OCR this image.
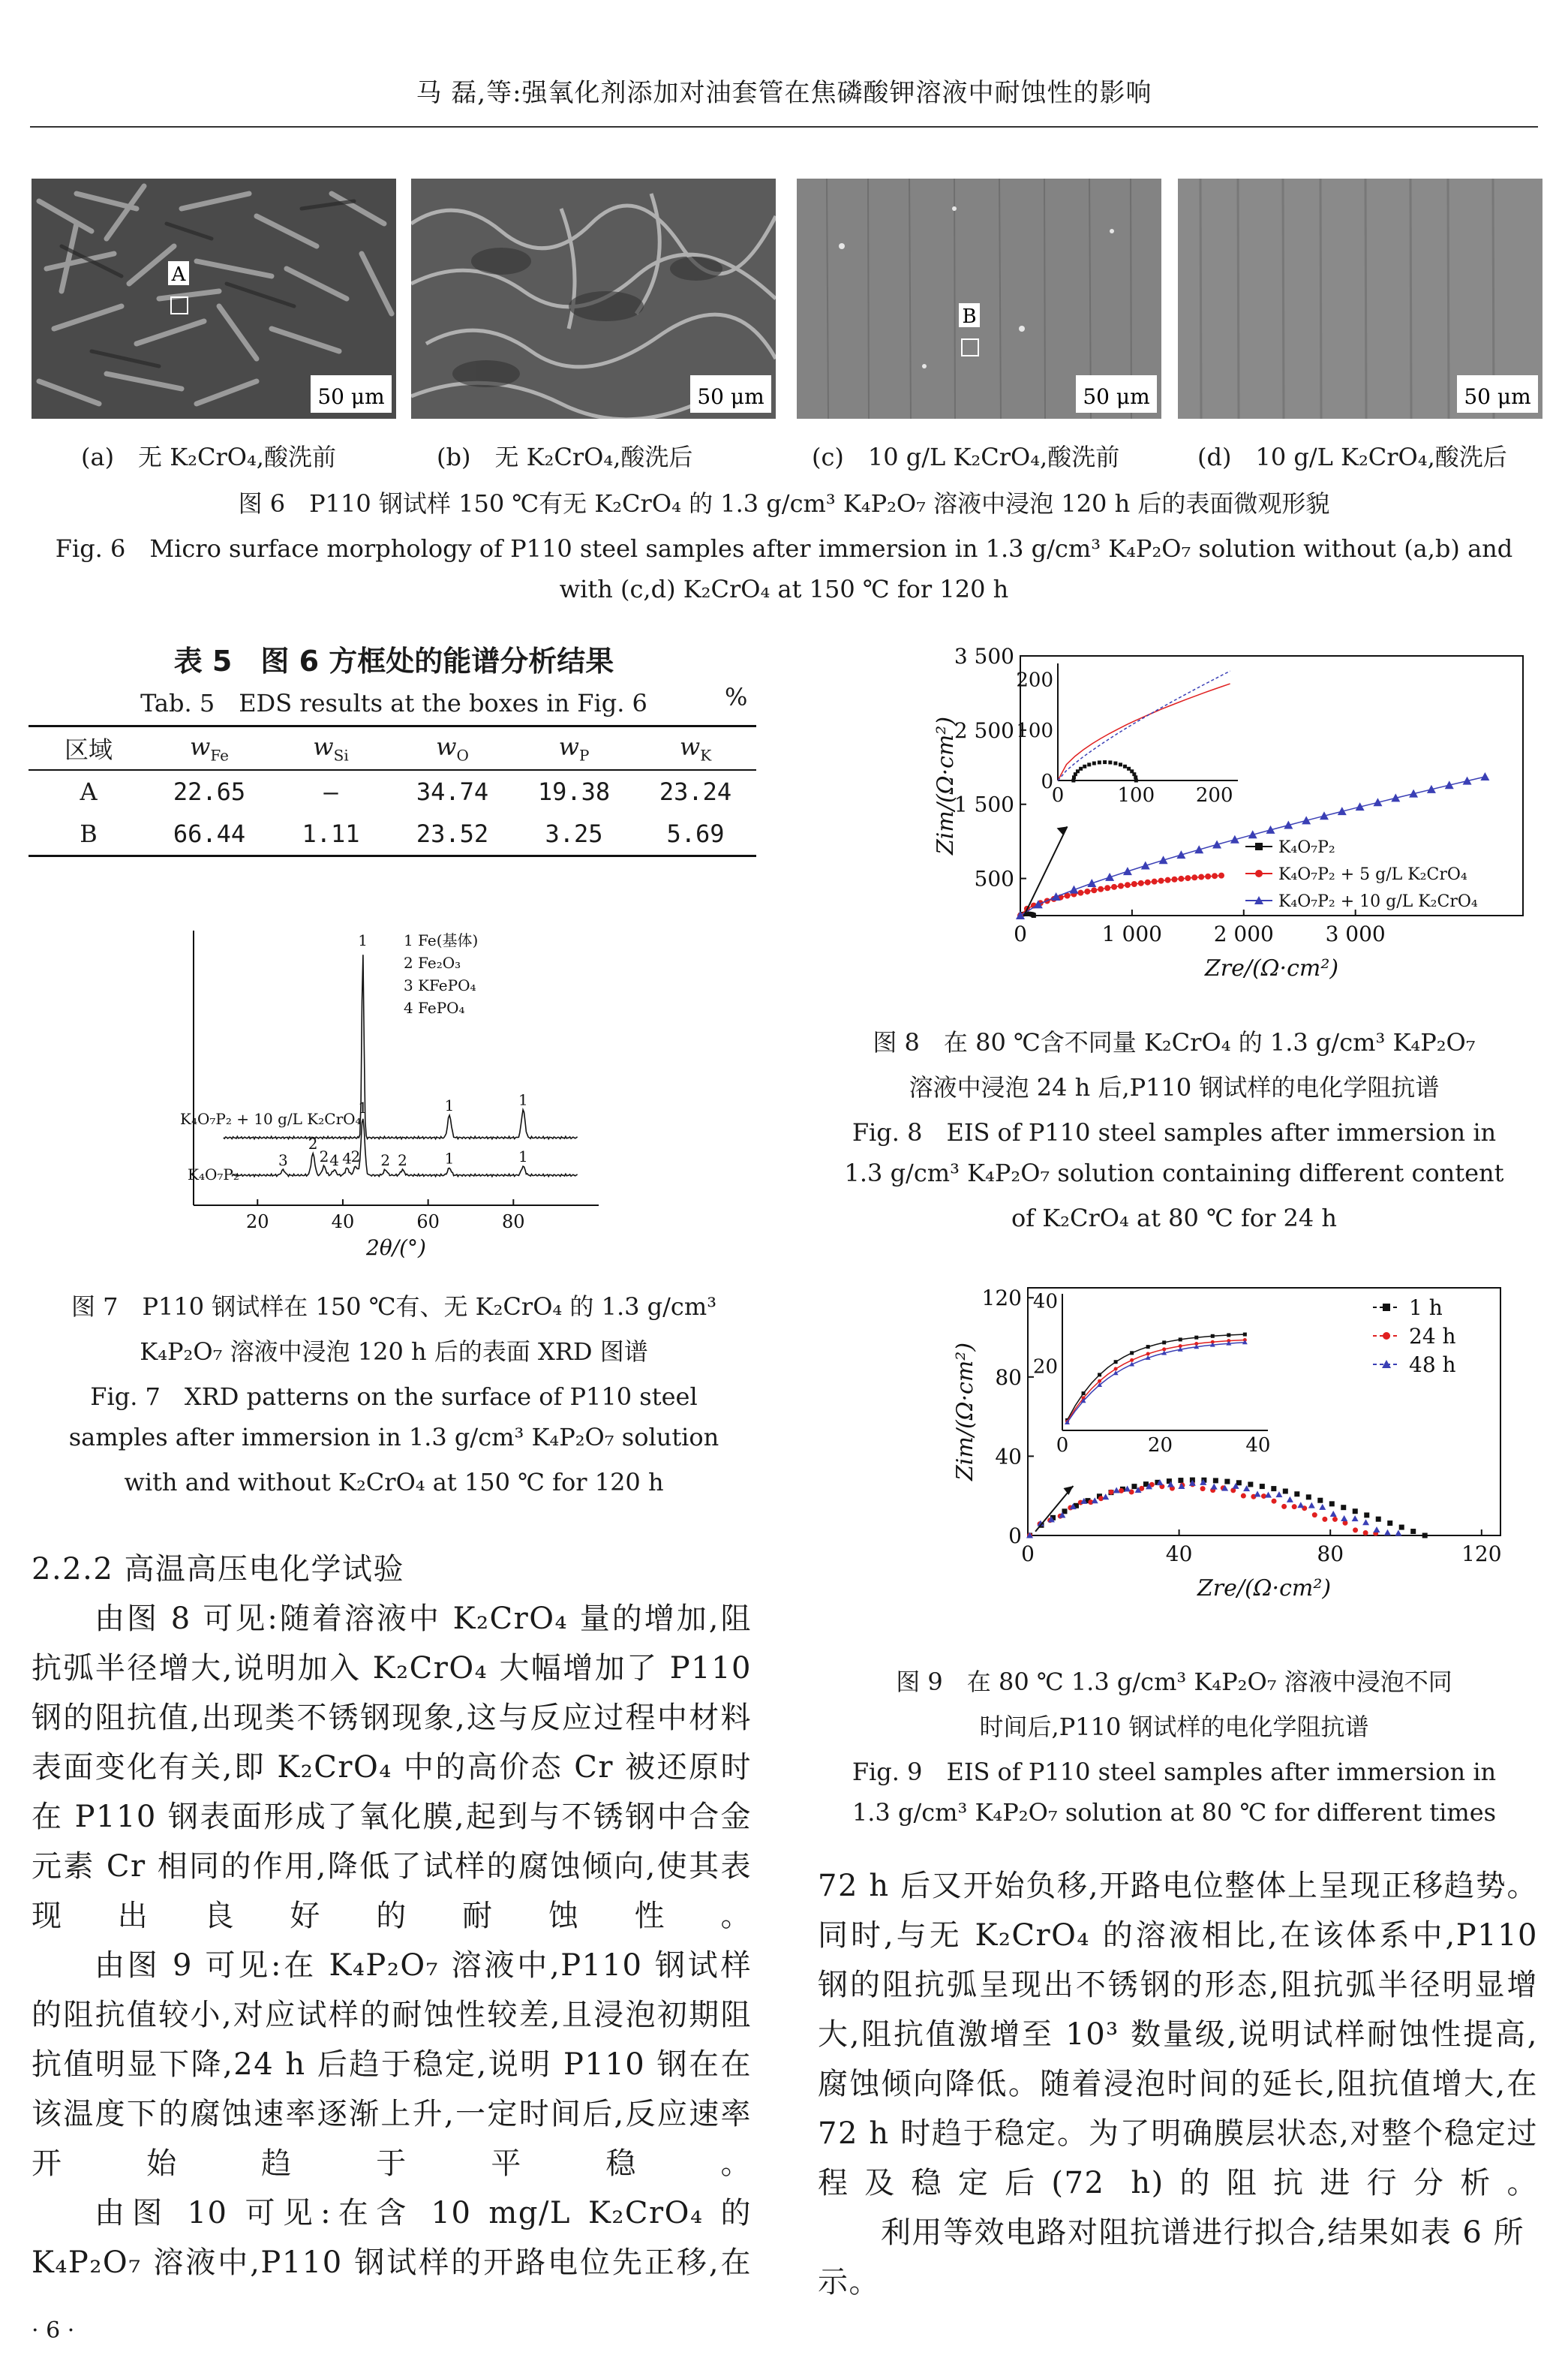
马 磊,等:强氧化剂添加对油套管在焦磷酸钾溶液中耐蚀性的影响
A
50 μm	50 μm
B
50 μm	50 μm
(a)　无 K₂CrO₄,酸洗前	(b)　无 K₂CrO₄,酸洗后	(c)　10 g/L K₂CrO₄,酸洗前	(d)　10 g/L K₂CrO₄,酸洗后
图 6　P110 钢试样 150 ℃有无 K₂CrO₄ 的 1.3 g/cm³ K₄P₂O₇ 溶液中浸泡 120 h 后的表面微观形貌
Fig. 6　Micro surface morphology of P110 steel samples after immersion in 1.3 g/cm³ K₄P₂O₇ solution without (a,b) and
with (c,d) K₂CrO₄ at 150 ℃ for 120 h
表 5　图 6 方框处的能谱分析结果
Tab. 5　EDS results at the boxes in Fig. 6	%
区域	$w_{Fe}$	$w_{Si}$	$w_O$	$w_P$	$w_K$
A	22.65	—	34.74	19.38	23.24
B	66.44	1.11	23.52	3.25	5.69
20	40	60	80
1
1	1
3
2
2 4 4
2
1
2 2 1	1
1 Fe(基体)
2 Fe₂O₃
3 KFePO₄
4 FePO₄
K₄O₇P₂ + 10 g/L K₂CrO₄
K₄O₇P₂
2θ/(°)
图 7　P110 钢试样在 150 ℃有、无 K₂CrO₄ 的 1.3 g/cm³
K₄P₂O₇ 溶液中浸泡 120 h 后的表面 XRD 图谱
Fig. 7　XRD patterns on the surface of P110 steel
samples after immersion in 1.3 g/cm³ K₄P₂O₇ solution
with and without K₂CrO₄ at 150 ℃ for 120 h

2.2.2 高温高压电化学试验

由图 8 可见:随着溶液中 K₂CrO₄ 量的增加,阻抗弧半径增大,说明加入 K₂CrO₄ 大幅增加了 P110 钢的阻抗值,出现类不锈钢现象,这与反应过程中材料表面变化有关,即 K₂CrO₄ 中的高价态 Cr 被还原时在 P110 钢表面形成了氧化膜,起到与不锈钢中合金元素 Cr 相同的作用,降低了试样的腐蚀倾向,使其表现出良好的耐蚀性。

由图 9 可见:在 K₄P₂O₇ 溶液中,P110 钢试样的阻抗值较小,对应试样的耐蚀性较差,且浸泡初期阻抗值明显下降,24 h 后趋于稳定,说明 P110 钢在在该温度下的腐蚀速率逐渐上升,一定时间后,反应速率开始趋于平稳。

由图 10 可见:在含 10 mg/L K₂CrO₄ 的 K₄P₂O₇ 溶液中,P110 钢试样的开路电位先正移,在

0	1 000 2 000 3 000
500
1 500
2 500
3 500
Zre/(Ω·cm²)
Zim/(Ω·cm²)	K₄O₇P₂
K₄O₇P₂ + 5 g/L K₂CrO₄
K₄O₇P₂ + 10 g/L K₂CrO₄
0	100 200
0
100
200
图 8　在 80 ℃含不同量 K₂CrO₄ 的 1.3 g/cm³ K₄P₂O₇
溶液中浸泡 24 h 后,P110 钢试样的电化学阻抗谱
Fig. 8　EIS of P110 steel samples after immersion in
1.3 g/cm³ K₄P₂O₇ solution containing different content
of K₂CrO₄ at 80 ℃ for 24 h
0	40	80	120
0
40
80
120
Zre/(Ω·cm²)
Zim/(Ω·cm²)
1 h
24 h
48 h
0	20	40
20
40
图 9　在 80 ℃ 1.3 g/cm³ K₄P₂O₇ 溶液中浸泡不同
时间后,P110 钢试样的电化学阻抗谱
Fig. 9　EIS of P110 steel samples after immersion in
1.3 g/cm³ K₄P₂O₇ solution at 80 ℃ for different times

72 h 后又开始负移,开路电位整体上呈现正移趋势。同时,与无 K₂CrO₄ 的溶液相比,在该体系中,P110 钢的阻抗弧呈现出不锈钢的形态,阻抗弧半径明显增大,阻抗值激增至 10³ 数量级,说明试样耐蚀性提高,腐蚀倾向降低。随着浸泡时间的延长,阻抗值增大,在 72 h 时趋于稳定。为了明确膜层状态,对整个稳定过程及稳定后(72 h)的阻抗进行分析。

利用等效电路对阻抗谱进行拟合,结果如表 6 所示。

· 6 ·
